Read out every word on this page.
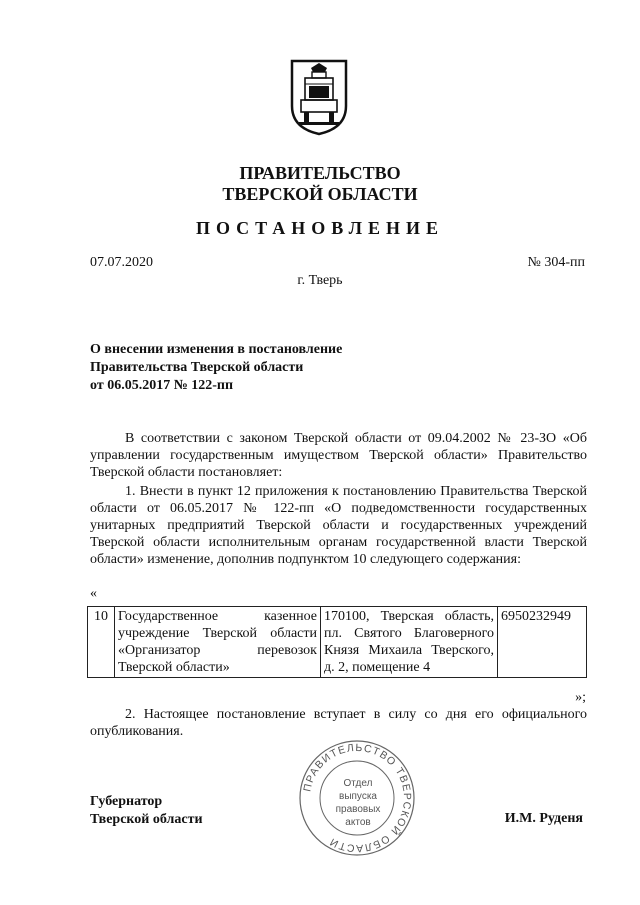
ПРАВИТЕЛЬСТВО
ТВЕРСКОЙ ОБЛАСТИ
ПОСТАНОВЛЕНИЕ
07.07.2020	№ 304-пп
г. Тверь
О внесении изменения в постановление
Правительства Тверской области
от 06.05.2017 № 122-пп
В соответствии с законом Тверской области от 09.04.2002 № 23-ЗО «Об управлении государственным имуществом Тверской области» Правительство Тверской области постановляет:
1. Внести в пункт 12 приложения к постановлению Правительства Тверской области от 06.05.2017 № 122-пп «О подведомственности государственных унитарных предприятий Тверской области и государственных учреждений Тверской области исполнительным органам государственной власти Тверской области» изменение, дополнив подпунктом 10 следующего содержания:
«
10	Государственное казенное учреждение Тверской области «Организатор перевозок Тверской области»	170100, Тверская область, пл. Святого Благоверного Князя Михаила Тверского, д. 2, помещение 4	6950232949
»;
2. Настоящее постановление вступает в силу со дня его официального опубликования.
ПРАВИТЕЛЬСТВО ТВЕРСКОЙ ОБЛАСТИ
Отдел
выпуска
правовых
актов
Губернатор
Тверской области	И.М. Руденя
